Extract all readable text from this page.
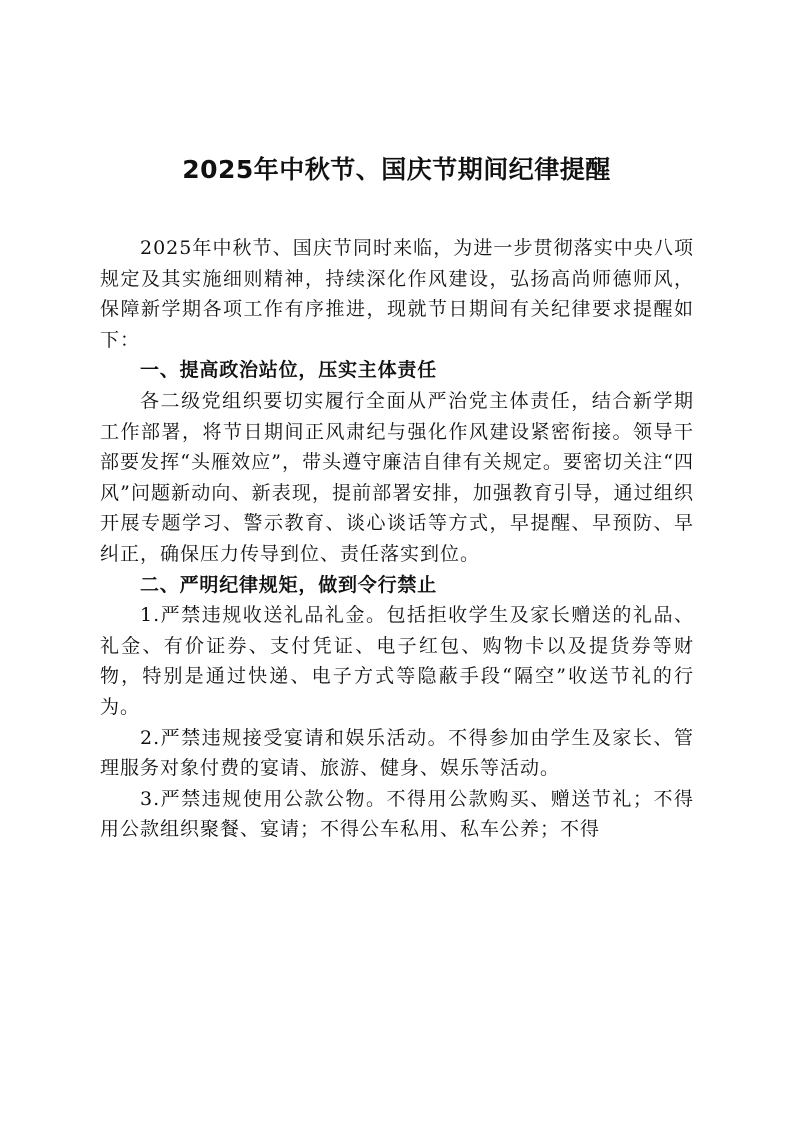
2025年中秋节、国庆节期间纪律提醒

2025年中秋节、国庆节同时来临，为进一步贯彻落实中央八项规定及其实施细则精神，持续深化作风建设，弘扬高尚师德师风，保障新学期各项工作有序推进，现就节日期间有关纪律要求提醒如下：

一、提高政治站位，压实主体责任

各二级党组织要切实履行全面从严治党主体责任，结合新学期工作部署，将节日期间正风肃纪与强化作风建设紧密衔接。领导干部要发挥“头雁效应”，带头遵守廉洁自律有关规定。要密切关注“四风”问题新动向、新表现，提前部署安排，加强教育引导，通过组织开展专题学习、警示教育、谈心谈话等方式，早提醒、早预防、早纠正，确保压力传导到位、责任落实到位。

二、严明纪律规矩，做到令行禁止

1.严禁违规收送礼品礼金。包括拒收学生及家长赠送的礼品、礼金、有价证券、支付凭证、电子红包、购物卡以及提货券等财物，特别是通过快递、电子方式等隐蔽手段“隔空”收送节礼的行为。

2.严禁违规接受宴请和娱乐活动。不得参加由学生及家长、管理服务对象付费的宴请、旅游、健身、娱乐等活动。

3.严禁违规使用公款公物。不得用公款购买、赠送节礼；不得用公款组织聚餐、宴请；不得公车私用、私车公养；不得
